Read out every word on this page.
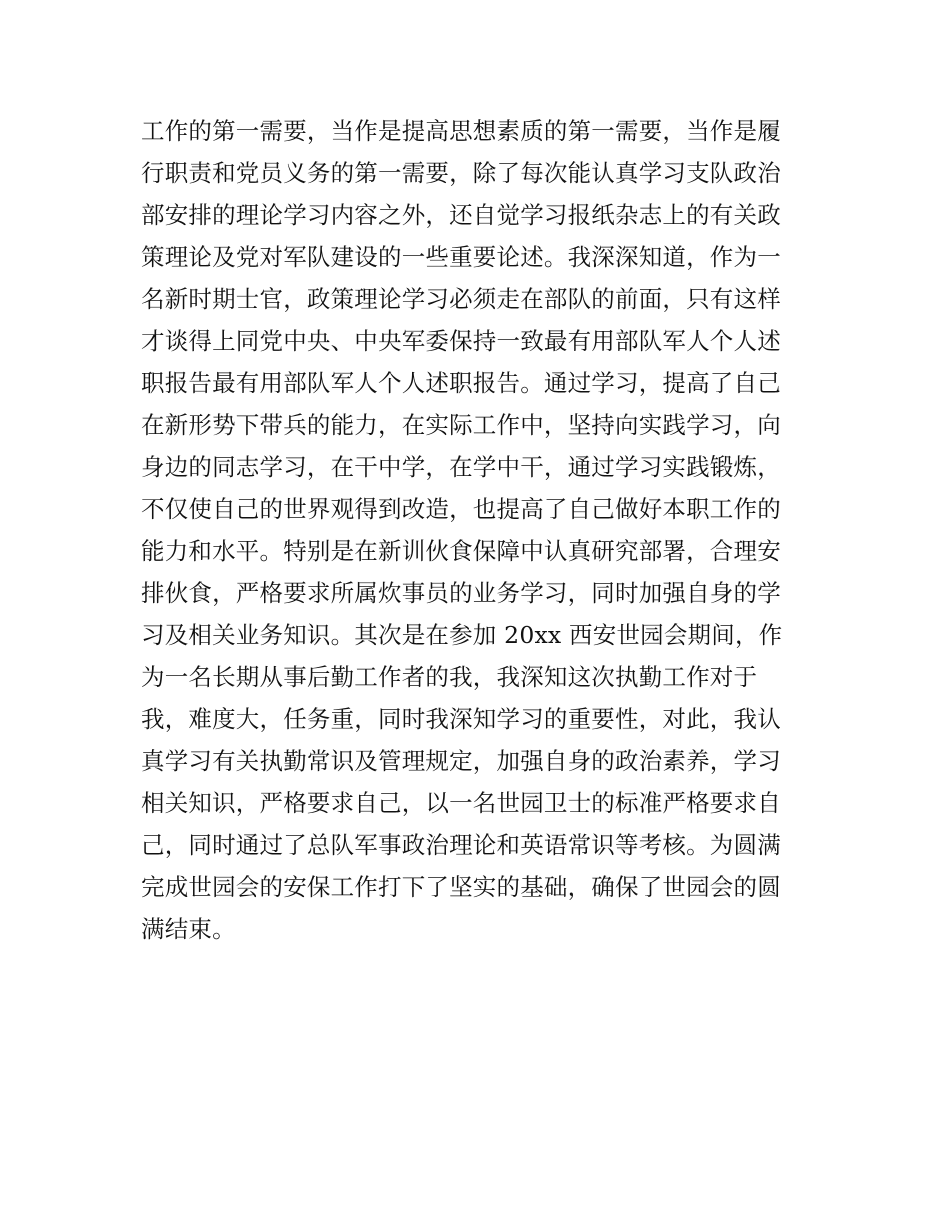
工作的第一需要，当作是提高思想素质的第一需要，当作是履
行职责和党员义务的第一需要，除了每次能认真学习支队政治
部安排的理论学习内容之外，还自觉学习报纸杂志上的有关政
策理论及党对军队建设的一些重要论述。我深深知道，作为一
名新时期士官，政策理论学习必须走在部队的前面，只有这样
才谈得上同党中央、中央军委保持一致最有用部队军人个人述
职报告最有用部队军人个人述职报告。通过学习，提高了自己
在新形势下带兵的能力，在实际工作中，坚持向实践学习，向
身边的同志学习，在干中学，在学中干，通过学习实践锻炼，
不仅使自己的世界观得到改造，也提高了自己做好本职工作的
能力和水平。特别是在新训伙食保障中认真研究部署，合理安
排伙食，严格要求所属炊事员的业务学习，同时加强自身的学
习及相关业务知识。其次是在参加 20xx 西安世园会期间，作
为一名长期从事后勤工作者的我，我深知这次执勤工作对于
我，难度大，任务重，同时我深知学习的重要性，对此，我认
真学习有关执勤常识及管理规定，加强自身的政治素养，学习
相关知识，严格要求自己，以一名世园卫士的标准严格要求自
己，同时通过了总队军事政治理论和英语常识等考核。为圆满
完成世园会的安保工作打下了坚实的基础，确保了世园会的圆
满结束。
